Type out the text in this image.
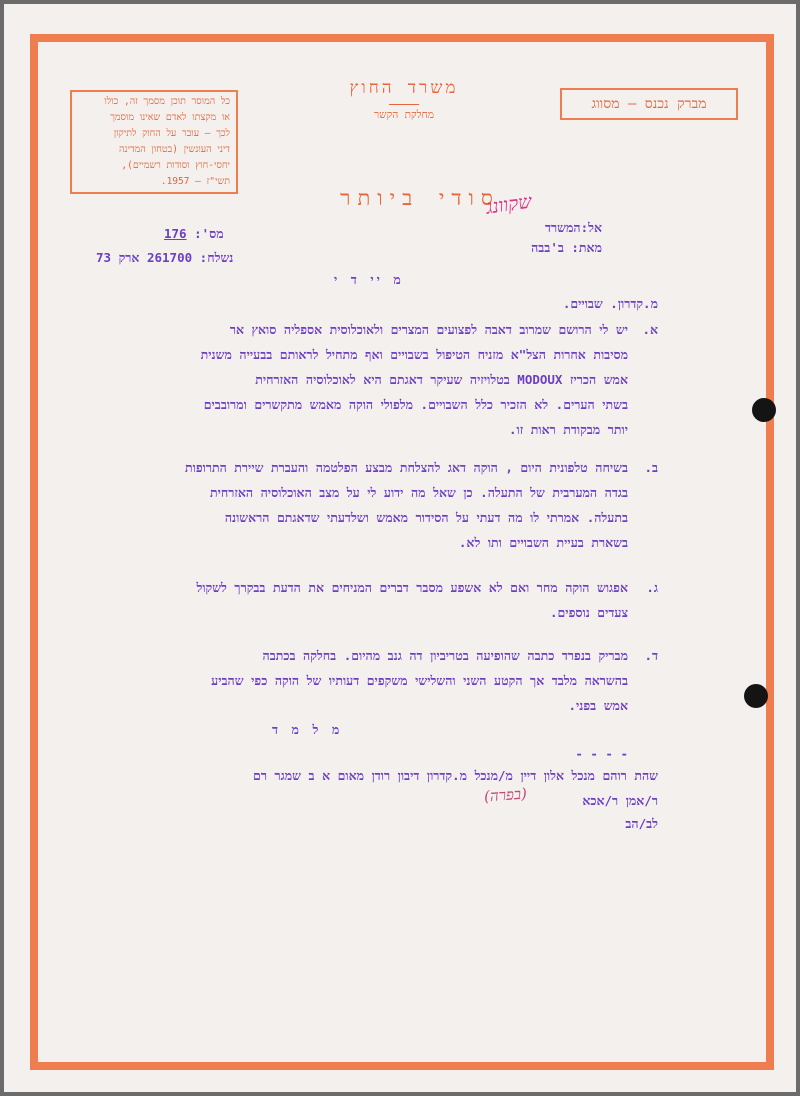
כל המוסר תוכן מסמך זה, כולו
או מקצתו לאדם שאינו מוסמך
לכך — עובר על החוק לתיקון
דיני העונשין (בטחון המדינה
יחסי-חוץ וסודות רשמיים),
תשי"ז — 1957.
מברק נכנס – מסווג
משרד החוץ
מחלקת הקשר
סודי ביותר
שקוונג
אל:המשרד
מאת: ב'בבה
מס': 176
נשלח: 261700 ארק 73
מ יי ד י
מ.קדרון. שבויים.
א.
יש לי הרושם שמרוב דאבה לפצועים המצרים ולאוכלוסית אספליה סואץ אר
מסיבות אחרות הצל"א מזניח הטיפול בשבויים ואף מתחיל לראותם בבעייה משנית
אמש הכריז MODOUX בטלויזיה שעיקר דאגתם היא לאוכלוסיה האזרחית
בשתי הערים. לא הזכיר כלל השבויים. מלפולי הוקה מאמש מתקשרים ומרובבים
יותר מבקודת ראות זו.
ב.
בשיחה טלפונית היום , הוקה דאג להצלחת מבצע הפלטמה והעברת שיירת התרופות
בגדה המערבית של התעלה. כן שאל מה ידוע לי על מצב האוכלוסיה האזרחית
בתעלה. אמרתי לו מה דעתי על הסידור מאמש ושלדעתי שדאגתם הראשונה
בשארת בעיית השבויים ותו לא.
ג.
אפגוש הוקה מחר ואם לא אשפע מסבר דברים המניחים את הדעת בבקרך לשקול
צעדים נוספים.
ד.
מבריק בנפרד כתבה שהופיעה בטריביון דה גנב מהיום. בחלקה בכתבה
בהשראה מלבד אך הקטע השני והשלישי משקפים דעותיו של הוקה כפי שהביע
אמש בפני.
מ ל מ ד
- - - -
שהת רוהם מנכל אלון דיין מ/מנכל מ.קדרון דיבון רודן מאום א ב שמגר רם
ר/אמן ר/אכא
לב/הב
(בפרה)
